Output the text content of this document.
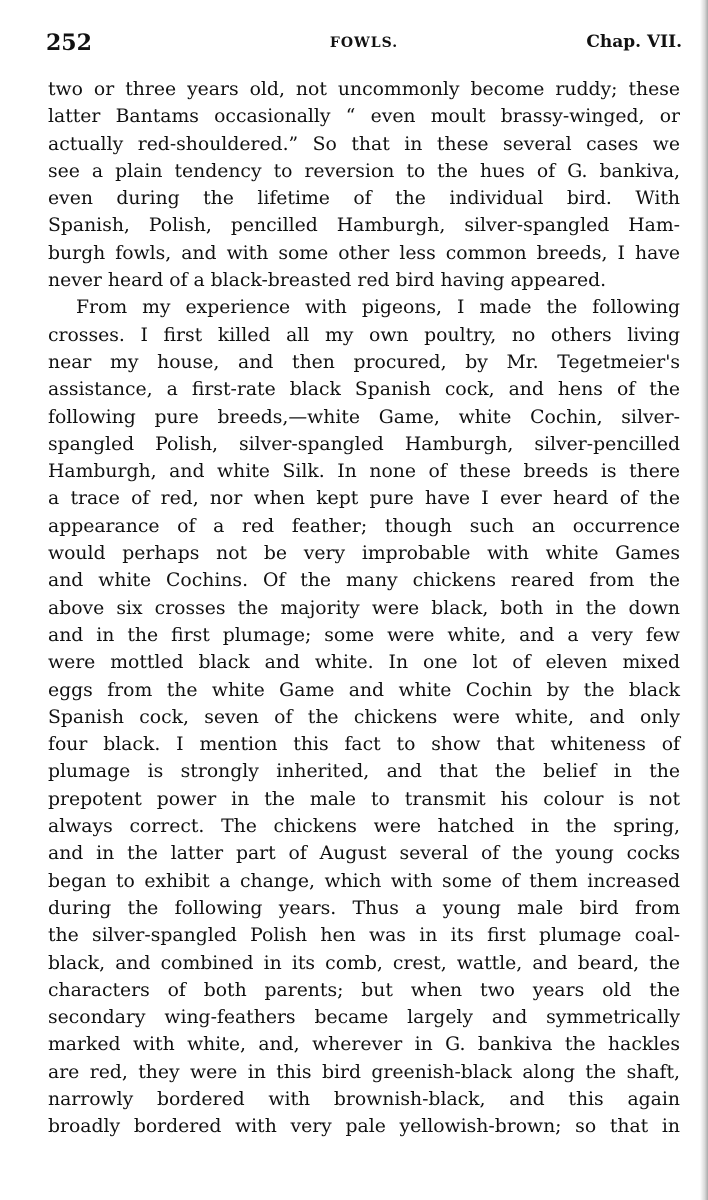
252	FOWLS.	Chap. VII.
two or three years old, not uncommonly become ruddy; these
latter Bantams occasionally “ even moult brassy-winged, or
actually red-shouldered.” So that in these several cases we
see a plain tendency to reversion to the hues of G. bankiva,
even during the lifetime of the individual bird. With
Spanish, Polish, pencilled Hamburgh, silver-spangled Ham-
burgh fowls, and with some other less common breeds, I have
never heard of a black-breasted red bird having appeared.
From my experience with pigeons, I made the following
crosses. I first killed all my own poultry, no others living
near my house, and then procured, by Mr. Tegetmeier's
assistance, a first-rate black Spanish cock, and hens of the
following pure breeds,—white Game, white Cochin, silver-
spangled Polish, silver-spangled Hamburgh, silver-pencilled
Hamburgh, and white Silk. In none of these breeds is there
a trace of red, nor when kept pure have I ever heard of the
appearance of a red feather; though such an occurrence
would perhaps not be very improbable with white Games
and white Cochins. Of the many chickens reared from the
above six crosses the majority were black, both in the down
and in the first plumage; some were white, and a very few
were mottled black and white. In one lot of eleven mixed
eggs from the white Game and white Cochin by the black
Spanish cock, seven of the chickens were white, and only
four black. I mention this fact to show that whiteness of
plumage is strongly inherited, and that the belief in the
prepotent power in the male to transmit his colour is not
always correct. The chickens were hatched in the spring,
and in the latter part of August several of the young cocks
began to exhibit a change, which with some of them increased
during the following years. Thus a young male bird from
the silver-spangled Polish hen was in its first plumage coal-
black, and combined in its comb, crest, wattle, and beard, the
characters of both parents; but when two years old the
secondary wing-feathers became largely and symmetrically
marked with white, and, wherever in G. bankiva the hackles
are red, they were in this bird greenish-black along the shaft,
narrowly bordered with brownish-black, and this again
broadly bordered with very pale yellowish-brown; so that in
